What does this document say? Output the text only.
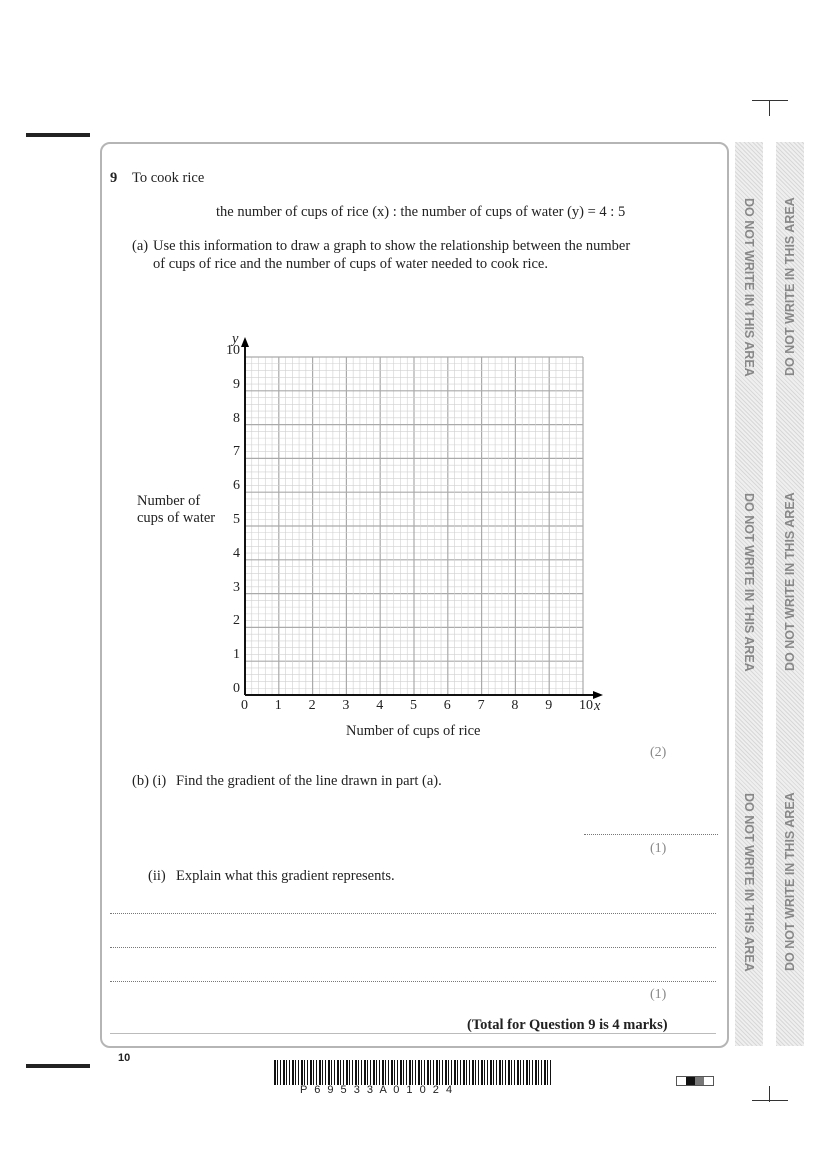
DO NOT WRITE IN THIS AREA
DO NOT WRITE IN THIS AREA
DO NOT WRITE IN THIS AREA
DO NOT WRITE IN THIS AREA
DO NOT WRITE IN THIS AREA
DO NOT WRITE IN THIS AREA
9 To cook rice
the number of cups of rice (x) : the number of cups of water (y) = 4 : 5
(a) Use this information to draw a graph to show the relationship between the number
of cups of rice and the number of cups of water needed to cook rice.
y
x
0
1
2
3
4
5
6
7
8
9
10
0 1 2 3 4 5 6 7 8 9 10
Number of
cups of water
Number of cups of rice
(2)
(b) (i) Find the gradient of the line drawn in part (a).
(1)
(ii) Explain what this gradient represents.
(1)
(Total for Question 9 is 4 marks)
10
P 6 9 5 3 3 A 0 1 0 2 4
